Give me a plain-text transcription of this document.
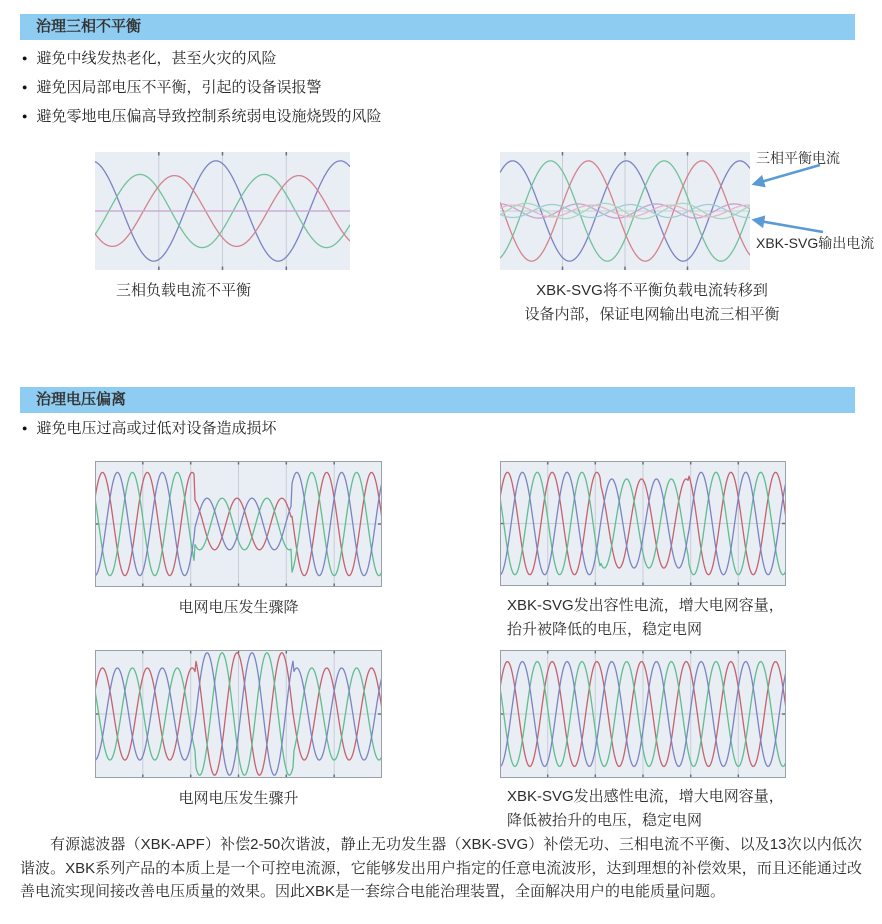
治理三相不平衡
● 避免中线发热老化，甚至火灾的风险
● 避免因局部电压不平衡，引起的设备误报警
● 避免零地电压偏高导致控制系统弱电设施烧毁的风险
三相平衡电流
XBK-SVG输出电流
三相负载电流不平衡	XBK-SVG将不平衡负载电流转移到
设备内部，保证电网输出电流三相平衡
治理电压偏离
● 避免电压过高或过低对设备造成损坏
电网电压发生骤降	XBK-SVG发出容性电流，增大电网容量，
抬升被降低的电压，稳定电网
电网电压发生骤升	XBK-SVG发出感性电流，增大电网容量，
降低被抬升的电压，稳定电网
有源滤波器（XBK-APF）补偿2-50次谐波，静止无功发生器（XBK-SVG）补偿无功、三相电流不平衡、以及13次以内低次谐波。XBK系列产品的本质上是一个可控电流源，它能够发出用户指定的任意电流波形，达到理想的补偿效果，而且还能通过改善电流实现间接改善电压质量的效果。因此XBK是一套综合电能治理装置，全面解决用户的电能质量问题。
